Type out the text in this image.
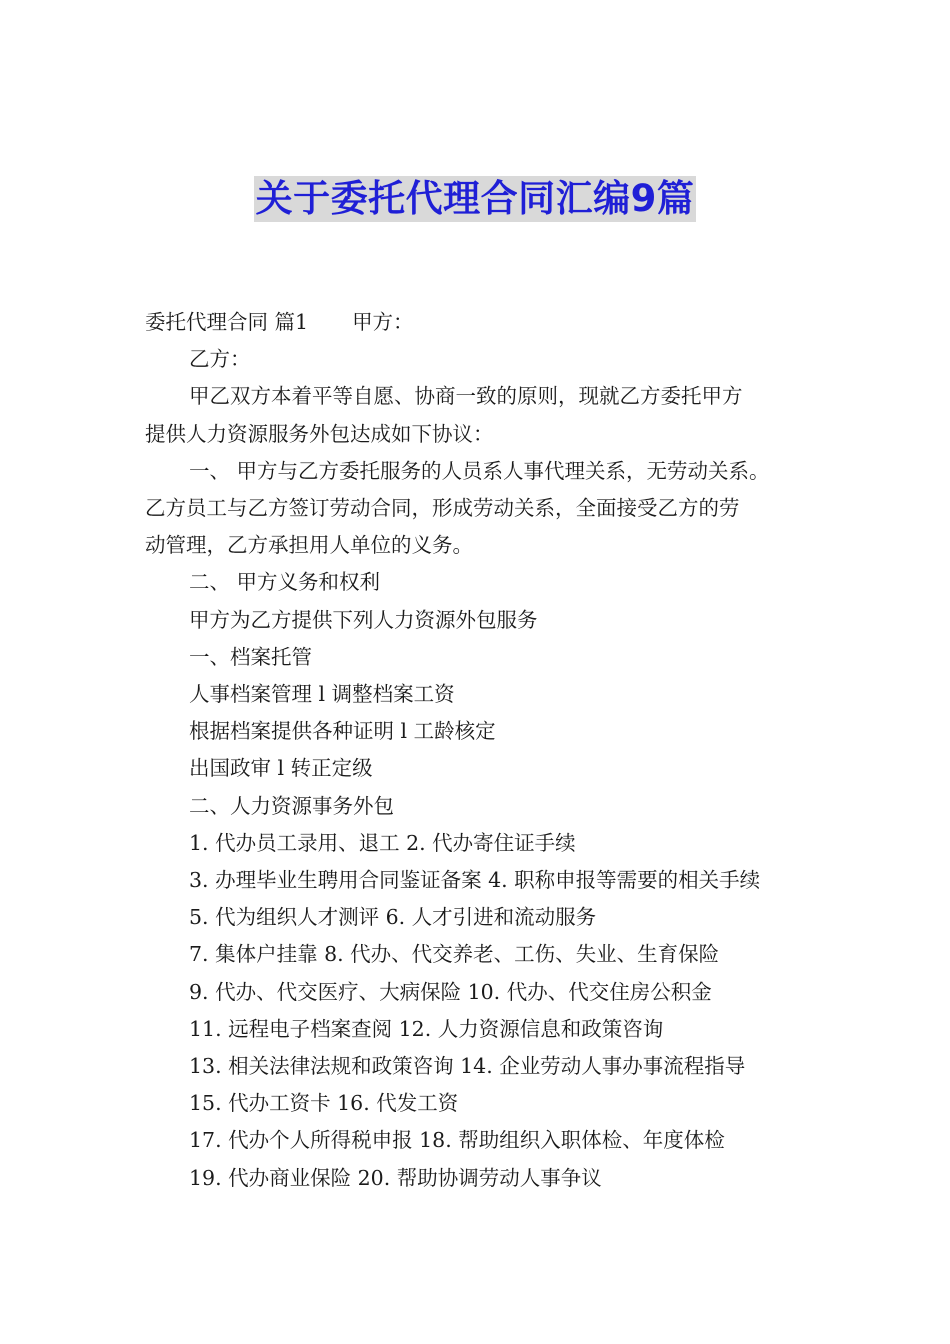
关于委托代理合同汇编9篇

委托代理合同 篇1 甲方：

乙方：

甲乙双方本着平等自愿、协商一致的原则，现就乙方委托甲方

提供人力资源服务外包达成如下协议：

一、 甲方与乙方委托服务的人员系人事代理关系，无劳动关系。

乙方员工与乙方签订劳动合同，形成劳动关系，全面接受乙方的劳

动管理，乙方承担用人单位的义务。

二、 甲方义务和权利

甲方为乙方提供下列人力资源外包服务

一、档案托管

人事档案管理 l 调整档案工资

根据档案提供各种证明 l 工龄核定

出国政审 l 转正定级

二、人力资源事务外包

1. 代办员工录用、退工 2. 代办寄住证手续

3. 办理毕业生聘用合同鉴证备案 4. 职称申报等需要的相关手续

5. 代为组织人才测评 6. 人才引进和流动服务

7. 集体户挂靠 8. 代办、代交养老、工伤、失业、生育保险

9. 代办、代交医疗、大病保险 10. 代办、代交住房公积金

11. 远程电子档案查阅 12. 人力资源信息和政策咨询

13. 相关法律法规和政策咨询 14. 企业劳动人事办事流程指导

15. 代办工资卡 16. 代发工资

17. 代办个人所得税申报 18. 帮助组织入职体检、年度体检

19. 代办商业保险 20. 帮助协调劳动人事争议
